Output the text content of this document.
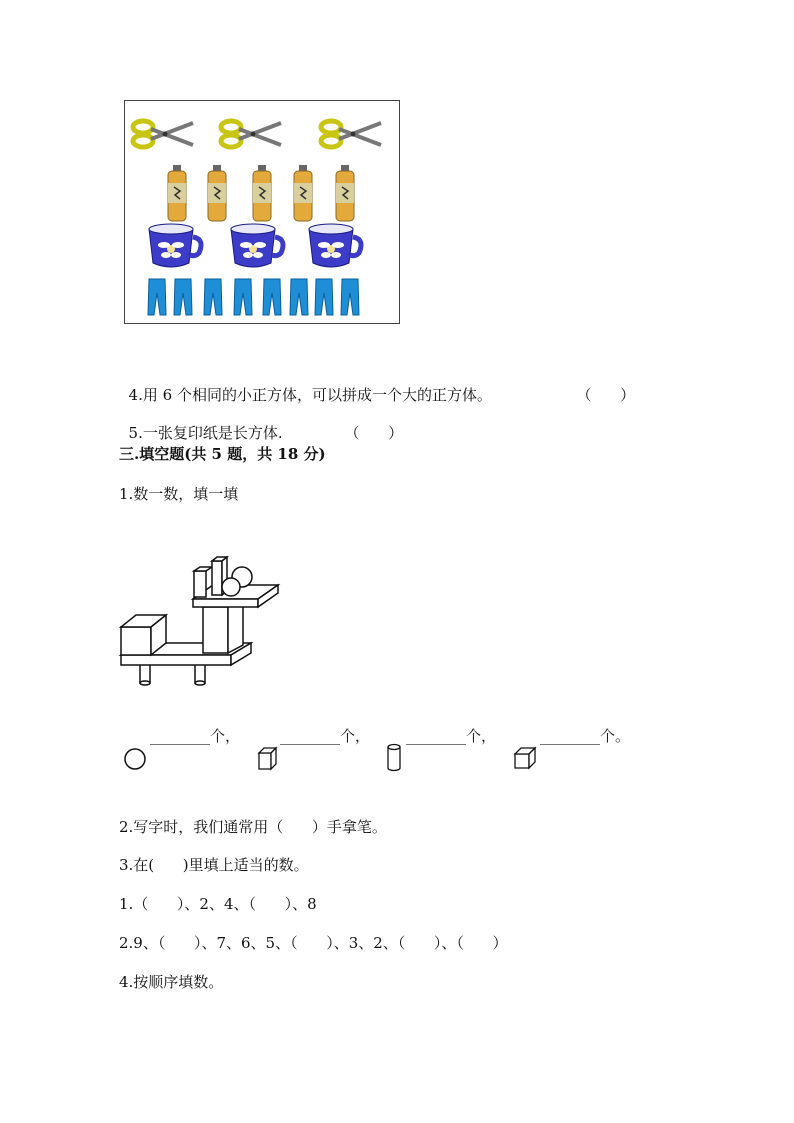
4.用 6 个相同的小正方体，可以拼成一个大的正方体。	（      ）

5.一张复印纸是长方体.	（      ）

三.填空题(共 5 题，共 18 分)
1.数一数，填一填
________个，	________个， ________个，	________个。
2.写字时，我们通常用（      ）手拿笔。
3.在(      )里填上适当的数。
1.（      ）、2、4、（      ）、8
2.9、（      ）、7、6、5、（      ）、3、2、（      ）、（      ）
4.按顺序填数。
